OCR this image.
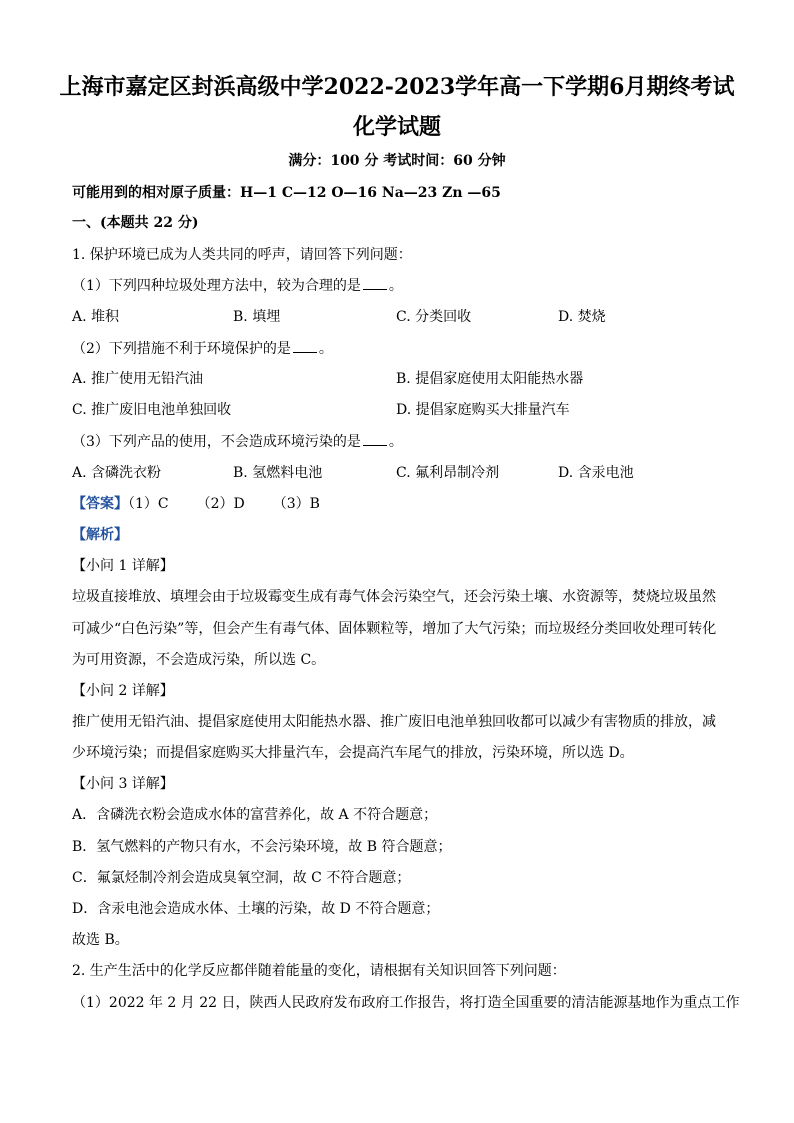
上海市嘉定区封浜高级中学2022-2023学年高一下学期6月期终考试
化学试题
满分：100 分 考试时间：60 分钟
可能用到的相对原子质量：H—1 C—12 O—16 Na—23 Zn —65
一、(本题共 22 分)
1. 保护环境已成为人类共同的呼声，请回答下列问题：
（1）下列四种垃圾处理方法中，较为合理的是 。
A. 堆积	B. 填埋	C. 分类回收	D. 焚烧
（2）下列措施不利于环境保护的是 。
A. 推广使用无铅汽油	B. 提倡家庭使用太阳能热水器
C. 推广废旧电池单独回收	D. 提倡家庭购买大排量汽车
（3）下列产品的使用，不会造成环境污染的是 。
A. 含磷洗衣粉	B. 氢燃料电池	C. 氟利昂制冷剂	D. 含汞电池
【答案】（1）C （2）D （3）B
【解析】
【小问 1 详解】
垃圾直接堆放、填埋会由于垃圾霉变生成有毒气体会污染空气，还会污染土壤、水资源等，焚烧垃圾虽然
可减少“白色污染”等，但会产生有毒气体、固体颗粒等，增加了大气污染；而垃圾经分类回收处理可转化
为可用资源，不会造成污染，所以选 C。
【小问 2 详解】
推广使用无铅汽油、提倡家庭使用太阳能热水器、推广废旧电池单独回收都可以减少有害物质的排放，减
少环境污染；而提倡家庭购买大排量汽车，会提高汽车尾气的排放，污染环境，所以选 D。
【小问 3 详解】
A．含磷洗衣粉会造成水体的富营养化，故 A 不符合题意；
B．氢气燃料的产物只有水，不会污染环境，故 B 符合题意；
C．氟氯烃制冷剂会造成臭氧空洞，故 C 不符合题意；
D．含汞电池会造成水体、土壤的污染，故 D 不符合题意；
故选 B。
2. 生产生活中的化学反应都伴随着能量的变化，请根据有关知识回答下列问题：
（1）2022 年 2 月 22 日，陕西人民政府发布政府工作报告，将打造全国重要的清洁能源基地作为重点工作
